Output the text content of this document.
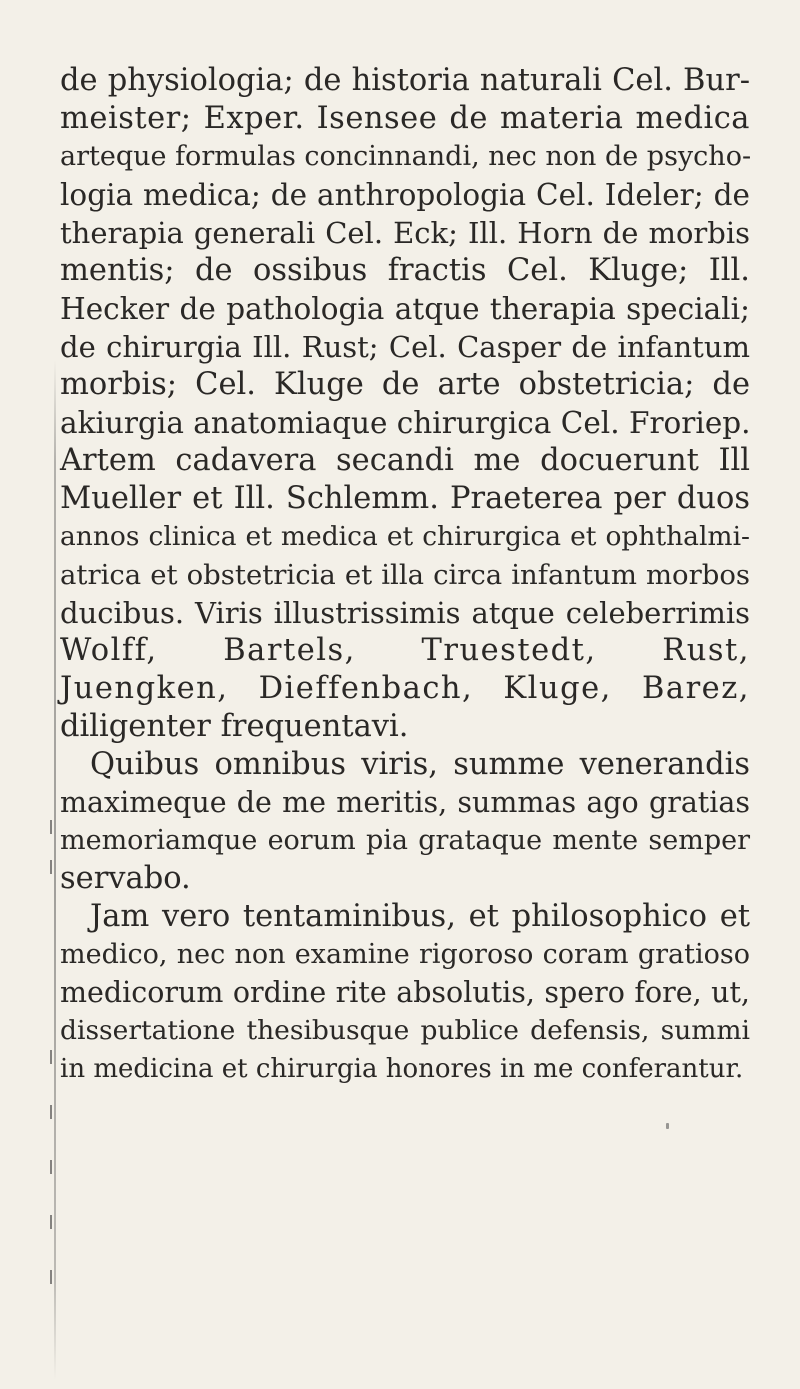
de physiologia; de historia naturali Cel. Bur-
meister; Exper. Isensee de materia medica
arteque formulas concinnandi, nec non de psycho-
logia medica; de anthropologia Cel. Ideler; de
therapia generali Cel. Eck; Ill. Horn de morbis
mentis; de ossibus fractis Cel. Kluge; Ill.
Hecker de pathologia atque therapia speciali;
de chirurgia Ill. Rust; Cel. Casper de infantum
morbis; Cel. Kluge de arte obstetricia; de
akiurgia anatomiaque chirurgica Cel. Froriep.
Artem cadavera secandi me docuerunt Ill
Mueller et Ill. Schlemm. Praeterea per duos
annos clinica et medica et chirurgica et ophthalmi-
atrica et obstetricia et illa circa infantum morbos
ducibus. Viris illustrissimis atque celeberrimis
Wolff, Bartels, Truestedt, Rust,
Juengken, Dieffenbach, Kluge, Barez,
diligenter frequentavi.
Quibus omnibus viris, summe venerandis
maximeque de me meritis, summas ago gratias
memoriamque eorum pia grataque mente semper
servabo.
Jam vero tentaminibus, et philosophico et
medico, nec non examine rigoroso coram gratioso
medicorum ordine rite absolutis, spero fore, ut,
dissertatione thesibusque publice defensis, summi
in medicina et chirurgia honores in me conferantur.
